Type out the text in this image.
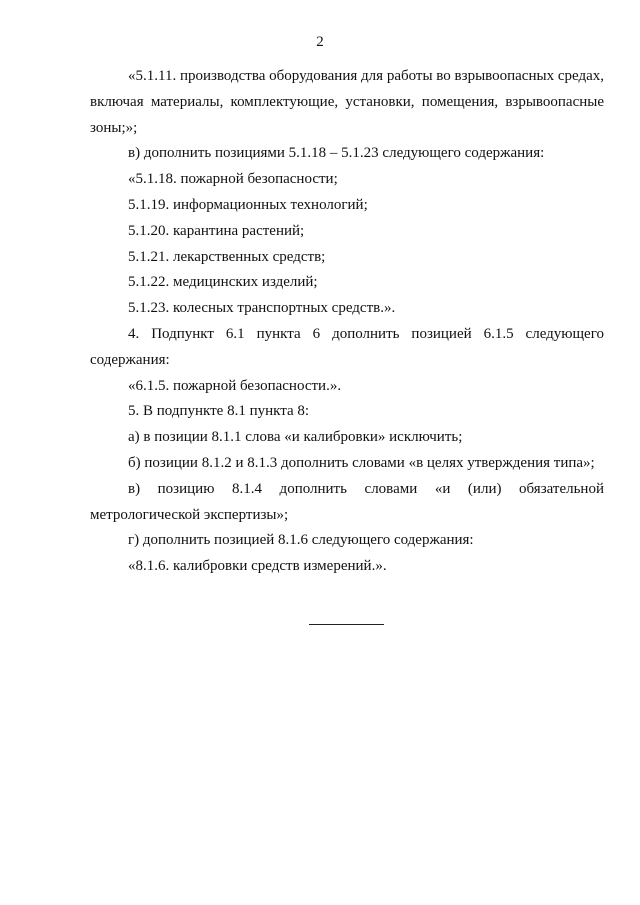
2

«5.1.11. производства оборудования для работы во взрывоопасных средах, включая материалы, комплектующие, установки, помещения, взрывоопасные зоны;»;

в) дополнить позициями 5.1.18 – 5.1.23 следующего содержания:

«5.1.18. пожарной безопасности;

5.1.19. информационных технологий;

5.1.20. карантина растений;

5.1.21. лекарственных средств;

5.1.22. медицинских изделий;

5.1.23. колесных транспортных средств.».

4. Подпункт 6.1 пункта 6 дополнить позицией 6.1.5 следующего содержания:

«6.1.5. пожарной безопасности.».

5. В подпункте 8.1 пункта 8:

а) в позиции 8.1.1 слова «и калибровки» исключить;

б) позиции 8.1.2 и 8.1.3 дополнить словами «в целях утверждения типа»;

в) позицию 8.1.4 дополнить словами «и (или) обязательной метрологической экспертизы»;

г) дополнить позицией 8.1.6 следующего содержания:

«8.1.6. калибровки средств измерений.».
